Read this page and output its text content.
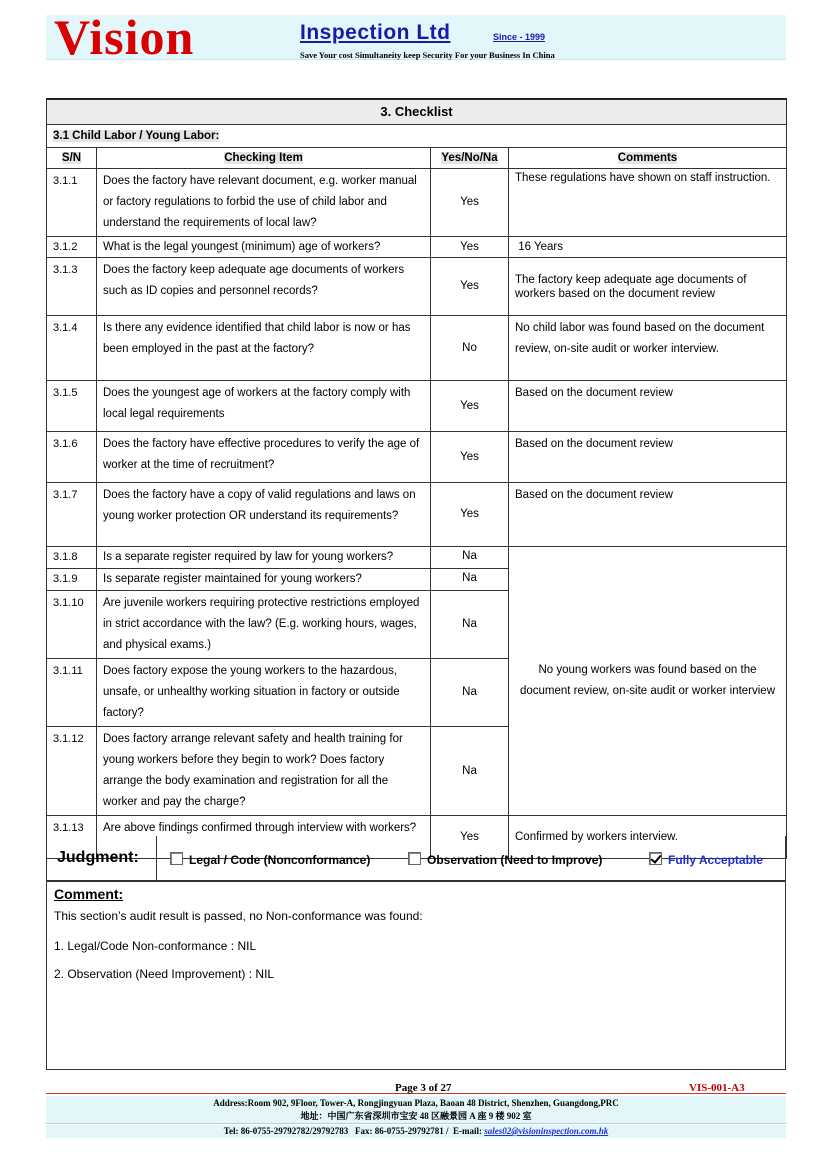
Vision	Inspection Ltd	Since - 1999
Save Your cost Simultaneity keep Security For your Business In China
3. Checklist			
3.1 Child Labor / Young Labor:			
S/N	Checking Item	Yes/No/Na	Comments
3.1.1	Does the factory have relevant document, e.g. worker manual or factory regulations to forbid the use of child labor and understand the requirements of local law?	Yes	These regulations have shown on staff instruction.
3.1.2	What is the legal youngest (minimum) age of workers?	Yes	16 Years
3.1.3	Does the factory keep adequate age documents of workers such as ID copies and personnel records?	Yes	The factory keep adequate age documents of workers based on the document review
3.1.4	Is there any evidence identified that child labor is now or has been employed in the past at the factory?	No	No child labor was found based on the document review, on-site audit or worker interview.
3.1.5	Does the youngest age of workers at the factory comply with local legal requirements	Yes	Based on the document review
3.1.6	Does the factory have effective procedures to verify the age of worker at the time of recruitment?	Yes	Based on the document review
3.1.7	Does the factory have a copy of valid regulations and laws on young worker protection OR understand its requirements?	Yes	Based on the document review
3.1.8	Is a separate register required by law for young workers?	Na	No young workers was found based on the document review, on-site audit or worker interview
3.1.9	Is separate register maintained for young workers?	Na	
3.1.10	Are juvenile workers requiring protective restrictions employed in strict accordance with the law? (E.g. working hours, wages, and physical exams.)	Na	
3.1.11	Does factory expose the young workers to the hazardous, unsafe, or unhealthy working situation in factory or outside factory?	Na	
3.1.12	Does factory arrange relevant safety and health training for young workers before they begin to work? Does factory arrange the body examination and registration for all the worker and pay the charge?	Na	
3.1.13	Are above findings confirmed through interview with workers?	Yes	Confirmed by workers interview.
Judgment:	Legal / Code (Nonconformance)	Observation (Need to Improve)	Fully Acceptable
Comment:
This section’s audit result is passed, no Non-conformance was found:
1. Legal/Code Non-conformance : NIL
2. Observation (Need Improvement) : NIL
Page 3 of 27	VIS-001-A3
Address:Room 902, 9Floor, Tower-A, Rongjingyuan Plaza, Baoan 48 District, Shenzhen, Guangdong,PRC
地址：中国广东省深圳市宝安 48 区融景园 A 座 9 楼 902 室
Tel: 86-0755-29792782/29792783   Fax: 86-0755-29792781 /  E-mail: sales02@visioninspection.com.hk
